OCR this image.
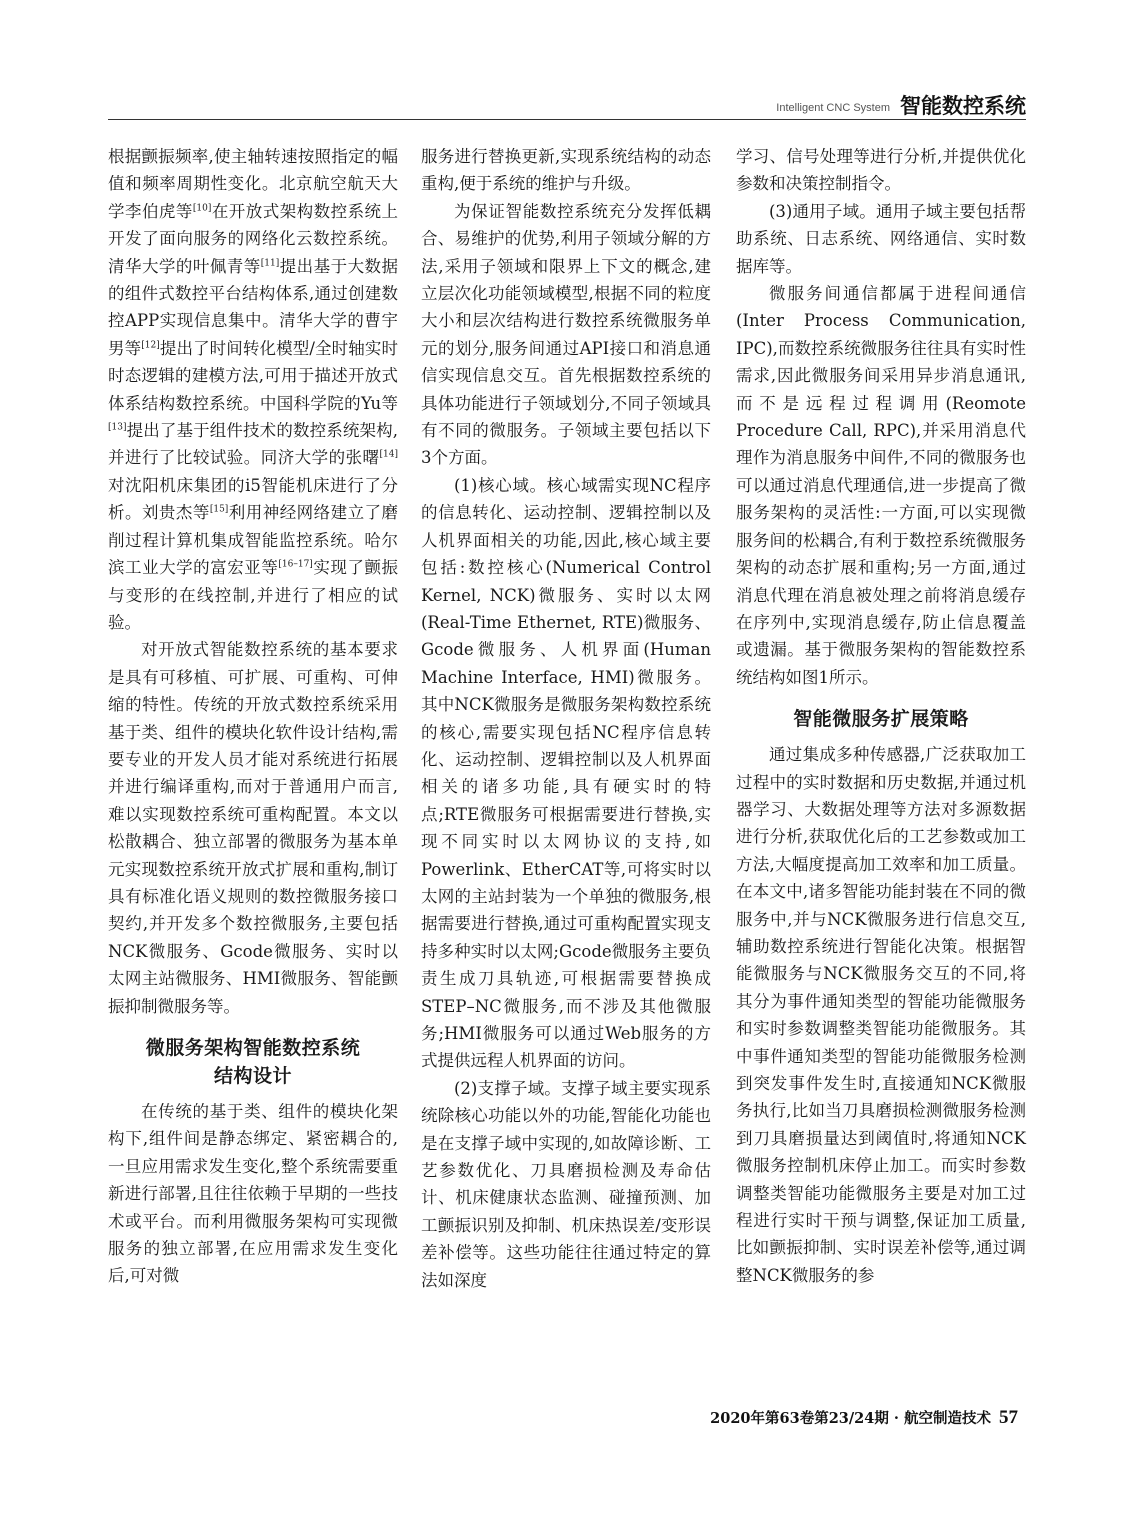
Intelligent CNC System 智能数控系统

根据颤振频率,使主轴转速按照指定的幅值和频率周期性变化。北京航空航天大学李伯虎等[10]在开放式架构数控系统上开发了面向服务的网络化云数控系统。清华大学的叶佩青等[11]提出基于大数据的组件式数控平台结构体系,通过创建数控APP实现信息集中。清华大学的曹宇男等[12]提出了时间转化模型/全时轴实时时态逻辑的建模方法,可用于描述开放式体系结构数控系统。中国科学院的Yu等[13]提出了基于组件技术的数控系统架构,并进行了比较试验。同济大学的张曙[14]对沈阳机床集团的i5智能机床进行了分析。刘贵杰等[15]利用神经网络建立了磨削过程计算机集成智能监控系统。哈尔滨工业大学的富宏亚等[16–17]实现了颤振与变形的在线控制,并进行了相应的试验。

对开放式智能数控系统的基本要求是具有可移植、可扩展、可重构、可伸缩的特性。传统的开放式数控系统采用基于类、组件的模块化软件设计结构,需要专业的开发人员才能对系统进行拓展并进行编译重构,而对于普通用户而言,难以实现数控系统可重构配置。本文以松散耦合、独立部署的微服务为基本单元实现数控系统开放式扩展和重构,制订具有标准化语义规则的数控微服务接口契约,并开发多个数控微服务,主要包括NCK微服务、Gcode微服务、实时以太网主站微服务、HMI微服务、智能颤振抑制微服务等。

微服务架构智能数控系统
结构设计

在传统的基于类、组件的模块化架构下,组件间是静态绑定、紧密耦合的,一旦应用需求发生变化,整个系统需要重新进行部署,且往往依赖于早期的一些技术或平台。而利用微服务架构可实现微服务的独立部署,在应用需求发生变化后,可对微

服务进行替换更新,实现系统结构的动态重构,便于系统的维护与升级。

为保证智能数控系统充分发挥低耦合、易维护的优势,利用子领域分解的方法,采用子领域和限界上下文的概念,建立层次化功能领域模型,根据不同的粒度大小和层次结构进行数控系统微服务单元的划分,服务间通过API接口和消息通信实现信息交互。首先根据数控系统的具体功能进行子领域划分,不同子领域具有不同的微服务。子领域主要包括以下3个方面。

(1)核心域。核心域需实现NC程序的信息转化、运动控制、逻辑控制以及人机界面相关的功能,因此,核心域主要包括:数控核心(Numerical Control Kernel, NCK)微服务、实时以太网(Real-Time Ethernet, RTE)微服务、Gcode微服务、人机界面(Human Machine Interface, HMI)微服务。其中NCK微服务是微服务架构数控系统的核心,需要实现包括NC程序信息转化、运动控制、逻辑控制以及人机界面相关的诸多功能,具有硬实时的特点;RTE微服务可根据需要进行替换,实现不同实时以太网协议的支持,如Powerlink、EtherCAT等,可将实时以太网的主站封装为一个单独的微服务,根据需要进行替换,通过可重构配置实现支持多种实时以太网;Gcode微服务主要负责生成刀具轨迹,可根据需要替换成STEP–NC微服务,而不涉及其他微服务;HMI微服务可以通过Web服务的方式提供远程人机界面的访问。

(2)支撑子域。支撑子域主要实现系统除核心功能以外的功能,智能化功能也是在支撑子域中实现的,如故障诊断、工艺参数优化、刀具磨损检测及寿命估计、机床健康状态监测、碰撞预测、加工颤振识别及抑制、机床热误差/变形误差补偿等。这些功能往往通过特定的算法如深度

学习、信号处理等进行分析,并提供优化参数和决策控制指令。

(3)通用子域。通用子域主要包括帮助系统、日志系统、网络通信、实时数据库等。

微服务间通信都属于进程间通信(Inter Process Communication, IPC),而数控系统微服务往往具有实时性需求,因此微服务间采用异步消息通讯,而不是远程过程调用(Reomote Procedure Call, RPC),并采用消息代理作为消息服务中间件,不同的微服务也可以通过消息代理通信,进一步提高了微服务架构的灵活性:一方面,可以实现微服务间的松耦合,有利于数控系统微服务架构的动态扩展和重构;另一方面,通过消息代理在消息被处理之前将消息缓存在序列中,实现消息缓存,防止信息覆盖或遗漏。基于微服务架构的智能数控系统结构如图1所示。

智能微服务扩展策略

通过集成多种传感器,广泛获取加工过程中的实时数据和历史数据,并通过机器学习、大数据处理等方法对多源数据进行分析,获取优化后的工艺参数或加工方法,大幅度提高加工效率和加工质量。在本文中,诸多智能功能封装在不同的微服务中,并与NCK微服务进行信息交互,辅助数控系统进行智能化决策。根据智能微服务与NCK微服务交互的不同,将其分为事件通知类型的智能功能微服务和实时参数调整类智能功能微服务。其中事件通知类型的智能功能微服务检测到突发事件发生时,直接通知NCK微服务执行,比如当刀具磨损检测微服务检测到刀具磨损量达到阈值时,将通知NCK微服务控制机床停止加工。而实时参数调整类智能功能微服务主要是对加工过程进行实时干预与调整,保证加工质量,比如颤振抑制、实时误差补偿等,通过调整NCK微服务的参

2020年第63卷第23/24期 · 航空制造技术 57
